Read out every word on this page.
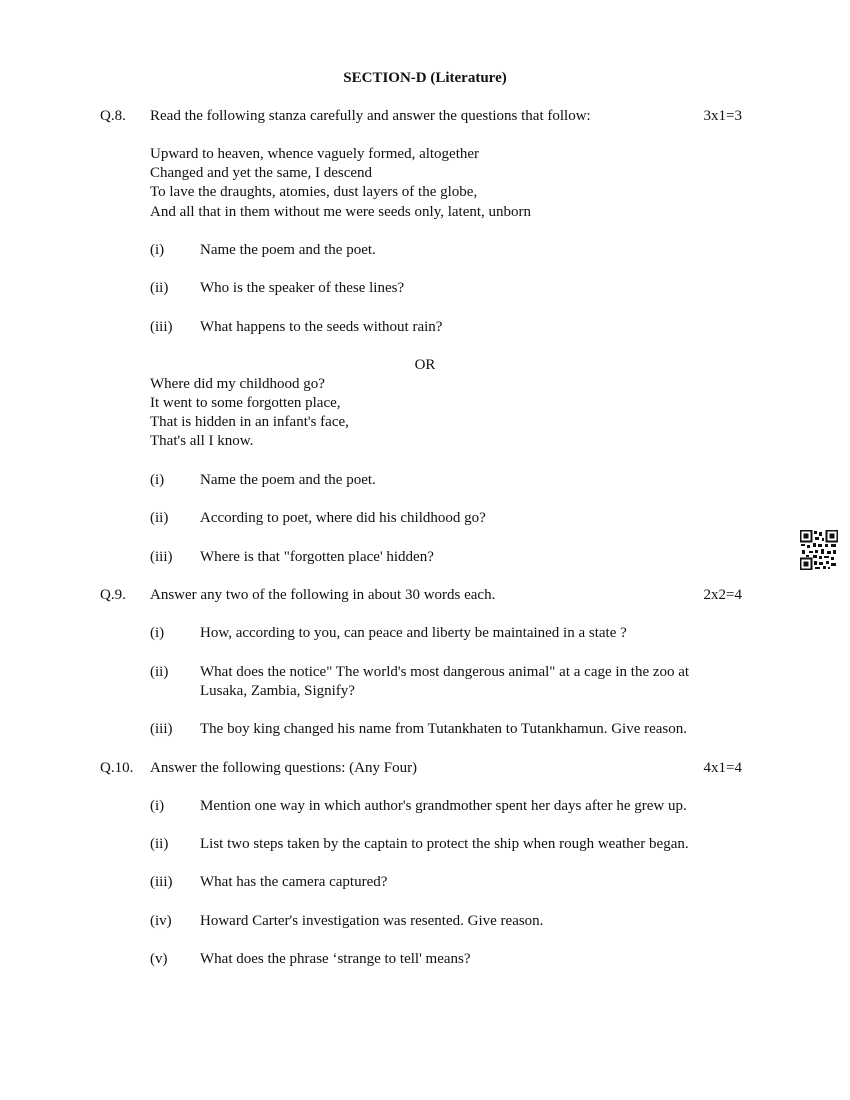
SECTION-D (Literature)
Q.8. Read the following stanza carefully and answer the questions that follow:	3x1=3
Upward to heaven, whence vaguely formed, altogether
Changed and yet the same, I descend
To lave the draughts, atomies, dust layers of the globe,
And all that in them without me were seeds only, latent, unborn
(i) Name the poem and the poet.
(ii) Who is the speaker of these lines?
(iii) What happens to the seeds without rain?
OR
Where did my childhood go?
It went to some forgotten place,
That is hidden in an infant's face,
That's all I know.
(i) Name the poem and the poet.
(ii) According to poet, where did his childhood go?
(iii) Where is that "forgotten place' hidden?
Q.9. Answer any two of the following in about 30 words each.	2x2=4
(i) How, according to you, can peace and liberty be maintained in a state ?
(ii) What does the notice" The world's most dangerous animal" at a cage in the zoo at
Lusaka, Zambia, Signify?
(iii) The boy king changed his name from Tutankhaten to Tutankhamun. Give reason.
Q.10. Answer the following questions: (Any Four)	4x1=4
(i) Mention one way in which author's grandmother spent her days after he grew up.
(ii) List two steps taken by the captain to protect the ship when rough weather began.
(iii) What has the camera captured?
(iv) Howard Carter's investigation was resented. Give reason.
(v) What does the phrase ‘strange to tell' means?
